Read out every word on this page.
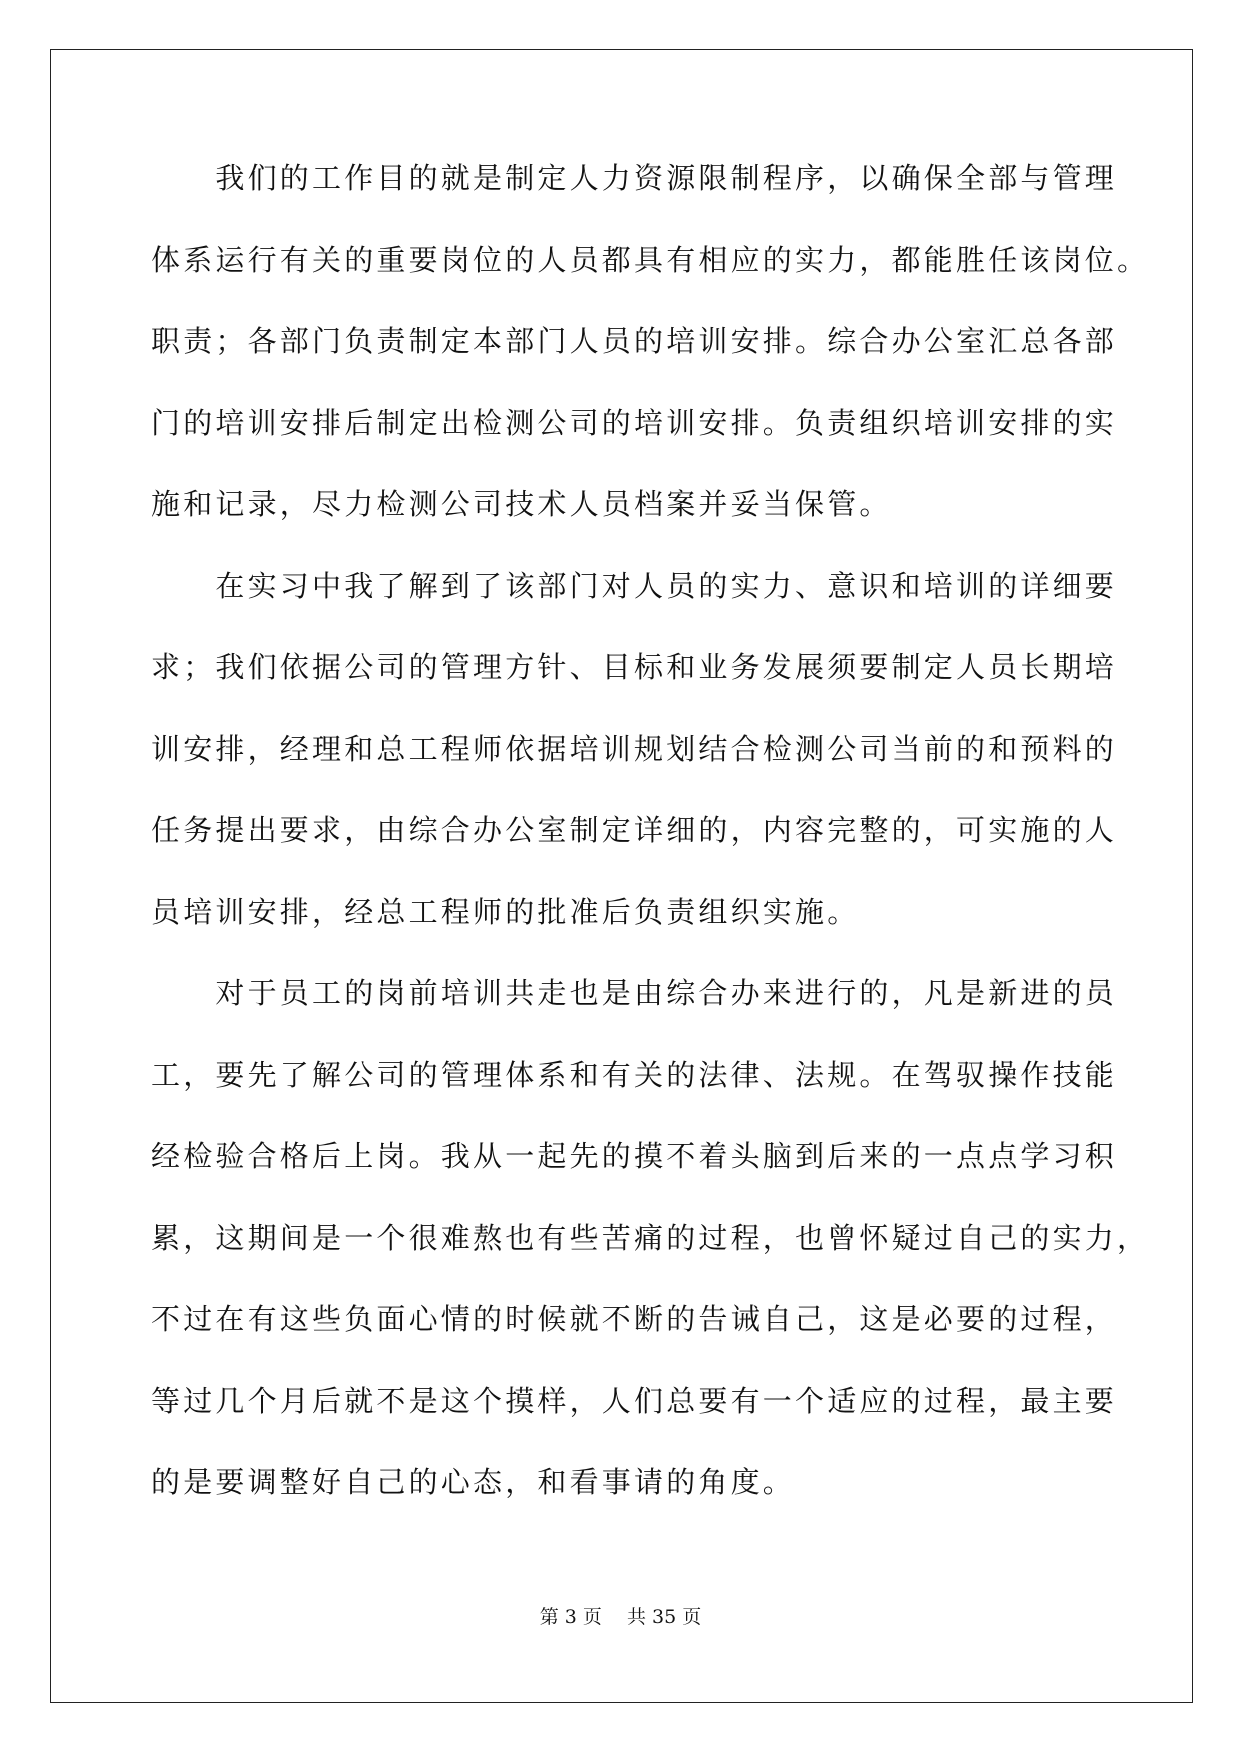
　　我们的工作目的就是制定人力资源限制程序，以确保全部与管理
体系运行有关的重要岗位的人员都具有相应的实力，都能胜任该岗位。
职责；各部门负责制定本部门人员的培训安排。综合办公室汇总各部
门的培训安排后制定出检测公司的培训安排。负责组织培训安排的实
施和记录，尽力检测公司技术人员档案并妥当保管。
　　在实习中我了解到了该部门对人员的实力、意识和培训的详细要
求；我们依据公司的管理方针、目标和业务发展须要制定人员长期培
训安排，经理和总工程师依据培训规划结合检测公司当前的和预料的
任务提出要求，由综合办公室制定详细的，内容完整的，可实施的人
员培训安排，经总工程师的批准后负责组织实施。
　　对于员工的岗前培训共走也是由综合办来进行的，凡是新进的员
工，要先了解公司的管理体系和有关的法律、法规。在驾驭操作技能
经检验合格后上岗。我从一起先的摸不着头脑到后来的一点点学习积
累，这期间是一个很难熬也有些苦痛的过程，也曾怀疑过自己的实力，
不过在有这些负面心情的时候就不断的告诫自己，这是必要的过程，
等过几个月后就不是这个摸样，人们总要有一个适应的过程，最主要
的是要调整好自己的心态，和看事请的角度。
第 3 页　 共 35 页
